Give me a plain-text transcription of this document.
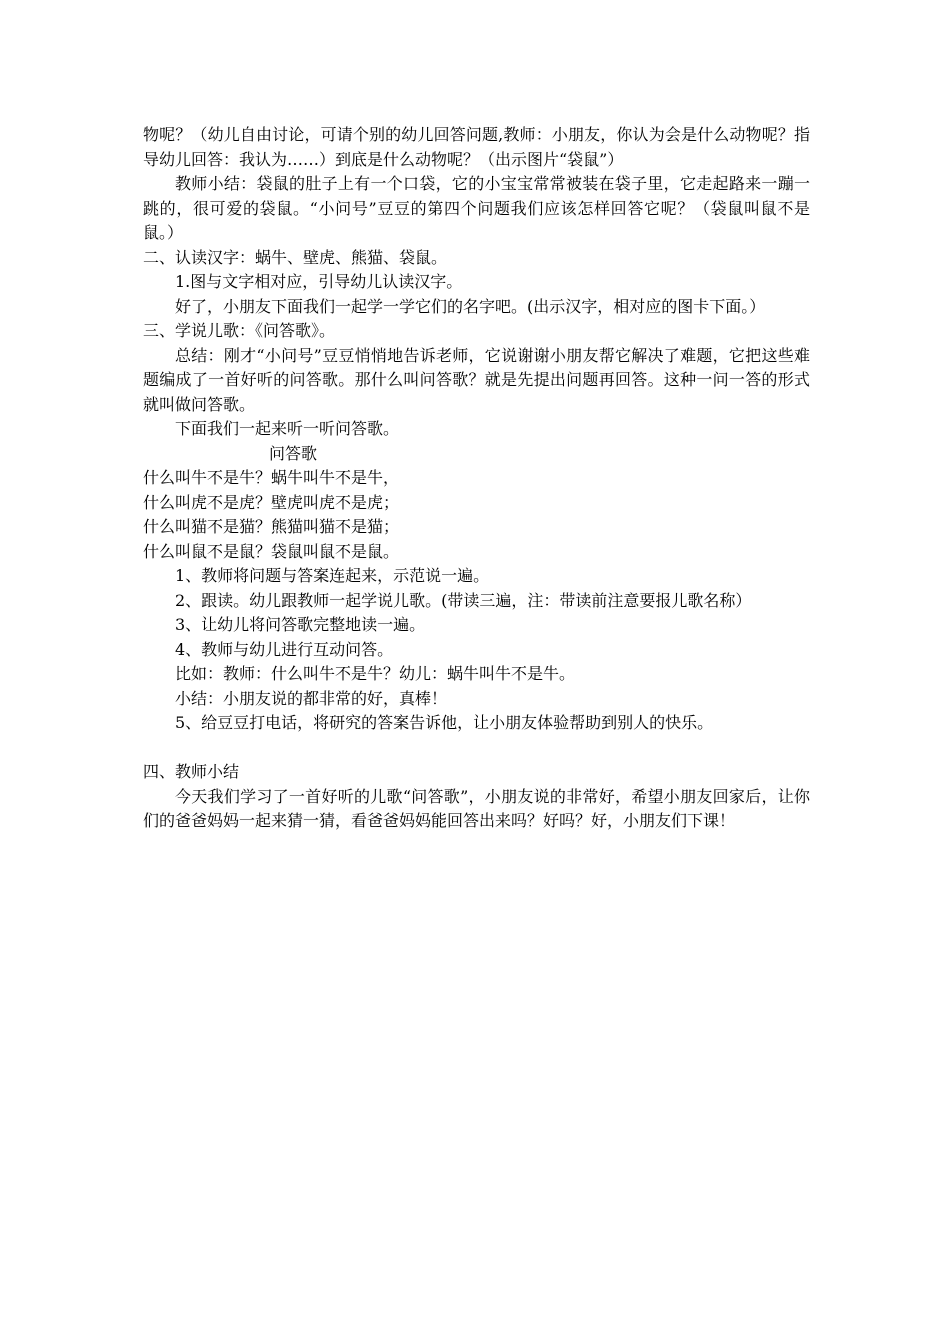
物呢？（幼儿自由讨论，可请个别的幼儿回答问题,教师：小朋友，你认为会是什么动物呢？指导幼儿回答：我认为……）到底是什么动物呢？（出示图片“袋鼠”）

教师小结：袋鼠的肚子上有一个口袋，它的小宝宝常常被装在袋子里，它走起路来一蹦一跳的，很可爱的袋鼠。“小问号”豆豆的第四个问题我们应该怎样回答它呢？（袋鼠叫鼠不是鼠。）

二、认读汉字：蜗牛、壁虎、熊猫、袋鼠。

1.图与文字相对应，引导幼儿认读汉字。

好了，小朋友下面我们一起学一学它们的名字吧。(出示汉字，相对应的图卡下面。）

三、学说儿歌：《问答歌》。

总结：刚才“小问号”豆豆悄悄地告诉老师，它说谢谢小朋友帮它解决了难题，它把这些难题编成了一首好听的问答歌。那什么叫问答歌？就是先提出问题再回答。这种一问一答的形式就叫做问答歌。

下面我们一起来听一听问答歌。

问答歌

什么叫牛不是牛？蜗牛叫牛不是牛，

什么叫虎不是虎？壁虎叫虎不是虎；

什么叫猫不是猫？熊猫叫猫不是猫；

什么叫鼠不是鼠？袋鼠叫鼠不是鼠。

1、教师将问题与答案连起来，示范说一遍。

2、跟读。幼儿跟教师一起学说儿歌。(带读三遍，注：带读前注意要报儿歌名称）

3、让幼儿将问答歌完整地读一遍。

4、教师与幼儿进行互动问答。

比如：教师：什么叫牛不是牛？幼儿：蜗牛叫牛不是牛。

小结：小朋友说的都非常的好，真棒！

5、给豆豆打电话，将研究的答案告诉他，让小朋友体验帮助到别人的快乐。

四、教师小结

今天我们学习了一首好听的儿歌“问答歌”，小朋友说的非常好，希望小朋友回家后，让你们的爸爸妈妈一起来猜一猜，看爸爸妈妈能回答出来吗？好吗？好，小朋友们下课！
